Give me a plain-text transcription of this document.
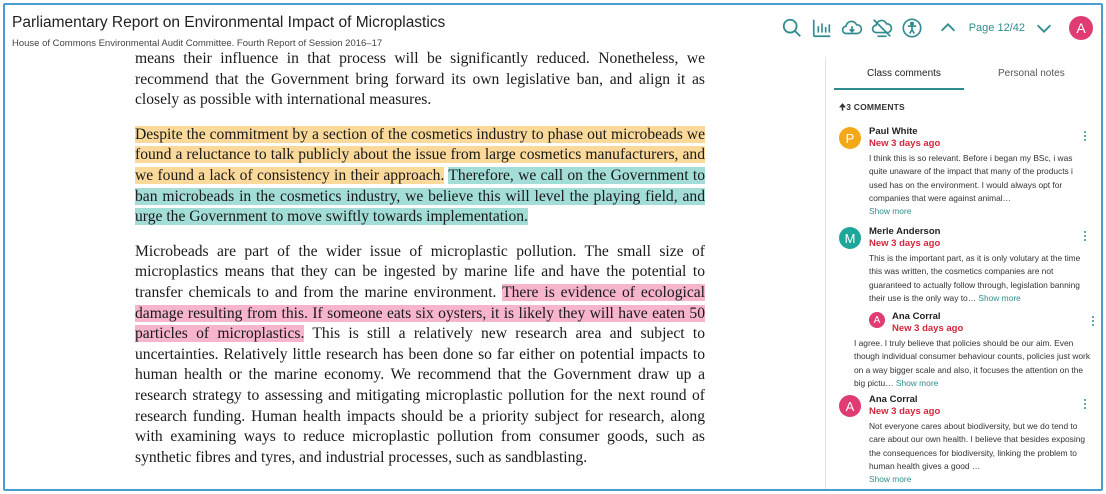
Parliamentary Report on Environmental Impact of Microplastics
House of Commons Environmental Audit Committee. Fourth Report of Session 2016–17
Page 12/42	A

means their influence in that process will be significantly reduced. Nonetheless, we recommend that the Government bring forward its own legislative ban, and align it as closely as possible with international measures.

Despite the commitment by a section of the cosmetics industry to phase out microbeads we found a reluctance to talk publicly about the issue from large cosmetics manufacturers, and we found a lack of consistency in their approach. Therefore, we call on the Government to ban microbeads in the cosmetics industry, we believe this will level the playing field, and urge the Government to move swiftly towards implementation.

Microbeads are part of the wider issue of microplastic pollution. The small size of microplastics means that they can be ingested by marine life and have the potential to transfer chemicals to and from the marine environment. There is evidence of ecological damage resulting from this. If someone eats six oysters, it is likely they will have eaten 50 particles of microplastics. This is still a relatively new research area and subject to uncertainties. Relatively little research has been done so far either on potential impacts to human health or the marine economy. We recommend that the Government draw up a research strategy to assessing and mitigating microplastic pollution for the next round of research funding. Human health impacts should be a priority subject for research, along with examining ways to reduce microplastic pollution from consumer goods, such as synthetic fibres and tyres, and industrial processes, such as sandblasting.

Class comments	Personal notes
🠉3 COMMENTS
P	Paul White
New 3 days ago
I think this is so relevant. Before i began my BSc, i was quite unaware of the impact that many of the products i used has on the environment. I would always opt for companies that were against animal…
Show more
M	Merle Anderson
New 3 days ago
This is the important part, as it is only volutary at the time this was written, the cosmetics companies are not guaranteed to actually follow through, legislation banning their use is the only way to… Show more
A	Ana Corral
New 3 days ago
I agree. I truly believe that policies should be our aim. Even though individual consumer behaviour counts, policies just work on a way bigger scale and also, it focuses the attention on the big pictu… Show more
A	Ana Corral
New 3 days ago
Not everyone cares about biodiversity, but we do tend to care about our own health. I believe that besides exposing the consequences for biodiversity, linking the problem to human health gives a good …
Show more
